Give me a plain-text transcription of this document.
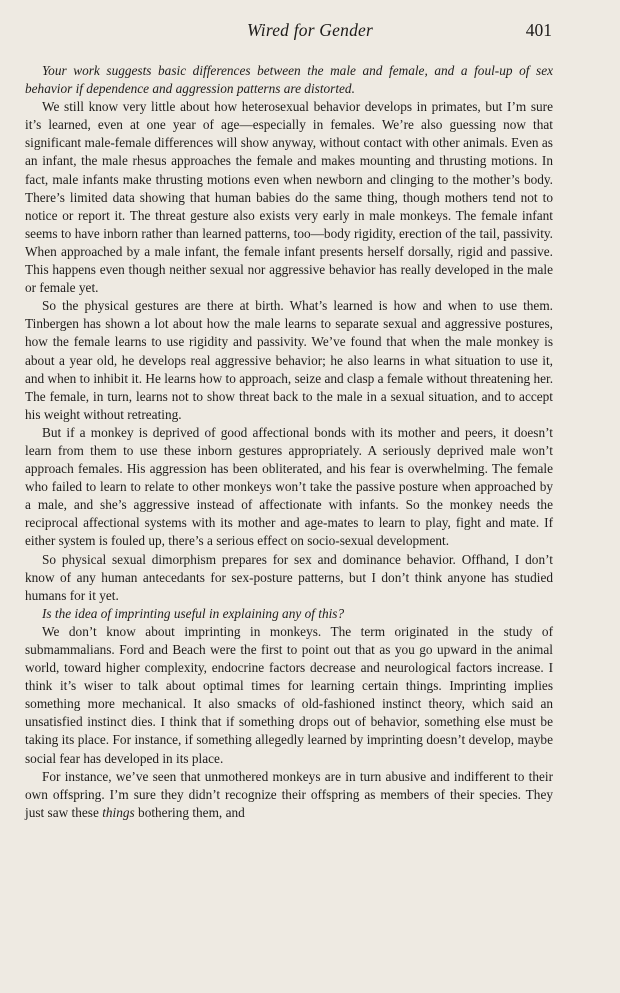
Wired for Gender	401

Your work suggests basic differences between the male and female, and a foul-up of sex behavior if dependence and aggression patterns are distorted.

We still know very little about how heterosexual behavior develops in primates, but I’m sure it’s learned, even at one year of age—especially in females. We’re also guessing now that significant male-female differences will show anyway, without contact with other animals. Even as an infant, the male rhesus approaches the female and makes mounting and thrusting motions. In fact, male infants make thrusting motions even when newborn and clinging to the mother’s body. There’s limited data showing that human babies do the same thing, though mothers tend not to notice or report it. The threat gesture also exists very early in male monkeys. The female infant seems to have inborn rather than learned patterns, too—body rigidity, erection of the tail, passivity. When approached by a male infant, the female infant presents herself dorsally, rigid and passive. This happens even though neither sexual nor aggressive behavior has really developed in the male or female yet.

So the physical gestures are there at birth. What’s learned is how and when to use them. Tinbergen has shown a lot about how the male learns to separate sexual and aggressive postures, how the female learns to use rigidity and passivity. We’ve found that when the male monkey is about a year old, he develops real aggressive behavior; he also learns in what situation to use it, and when to inhibit it. He learns how to approach, seize and clasp a female without threatening her. The female, in turn, learns not to show threat back to the male in a sexual situation, and to accept his weight without retreating.

But if a monkey is deprived of good affectional bonds with its mother and peers, it doesn’t learn from them to use these inborn gestures appropriately. A seriously deprived male won’t approach females. His aggression has been obliterated, and his fear is overwhelming. The female who failed to learn to relate to other monkeys won’t take the passive posture when approached by a male, and she’s aggressive instead of affectionate with infants. So the monkey needs the reciprocal affectional systems with its mother and age-mates to learn to play, fight and mate. If either system is fouled up, there’s a serious effect on socio-sexual development.

So physical sexual dimorphism prepares for sex and dominance behavior. Offhand, I don’t know of any human antecedants for sex-posture patterns, but I don’t think anyone has studied humans for it yet.

Is the idea of imprinting useful in explaining any of this?

We don’t know about imprinting in monkeys. The term originated in the study of submammalians. Ford and Beach were the first to point out that as you go upward in the animal world, toward higher complexity, endocrine factors decrease and neurological factors increase. I think it’s wiser to talk about optimal times for learning certain things. Imprinting implies something more mechanical. It also smacks of old-fashioned instinct theory, which said an unsatisfied instinct dies. I think that if something drops out of behavior, something else must be taking its place. For instance, if something allegedly learned by imprinting doesn’t develop, maybe social fear has developed in its place.

For instance, we’ve seen that unmothered monkeys are in turn abusive and indifferent to their own offspring. I’m sure they didn’t recognize their offspring as members of their species. They just saw these things bothering them, and
